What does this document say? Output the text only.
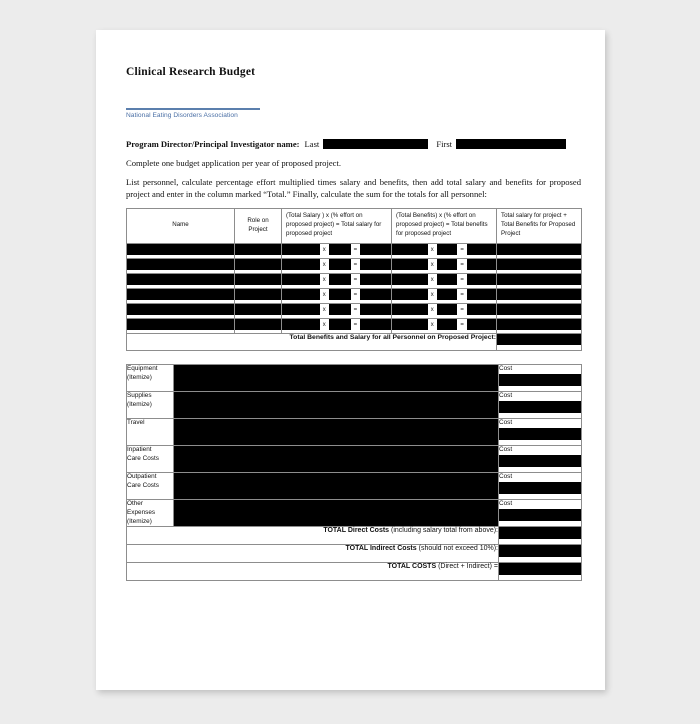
Clinical Research Budget
National Eating Disorders Association
Program Director/Principal Investigator name: Last	First

Complete one budget application per year of proposed project.

List personnel, calculate percentage effort multiplied times salary and benefits, then add total salary and benefits for proposed project and enter in the column marked “Total.” Finally, calculate the sum for the totals for all personnel:

Name	Role on Project	(Total Salary ) x (% effort on proposed project) = Total salary for proposed project	(Total Benefits) x (% effort on proposed project) = Total benefits for proposed project	Total salary for project + Total Benefits for Proposed Project

		x =	x =	

		x =	x =	

		x =	x =	

		x =	x =	

		x =	x =	

		x =	x =	

Total Benefits and Salary for all Personnel on Proposed Project:				
Equipment
(Itemize)		Cost

Supplies
(Itemize)		Cost

Travel		Cost

Inpatient
Care Costs		Cost

Outpatient
Care Costs		Cost

Other
Expenses
(Itemize)		Cost

TOTAL Direct Costs (including salary total from above):		

TOTAL Indirect Costs (should not exceed 10%):		

TOTAL COSTS (Direct + Indirect) =		
